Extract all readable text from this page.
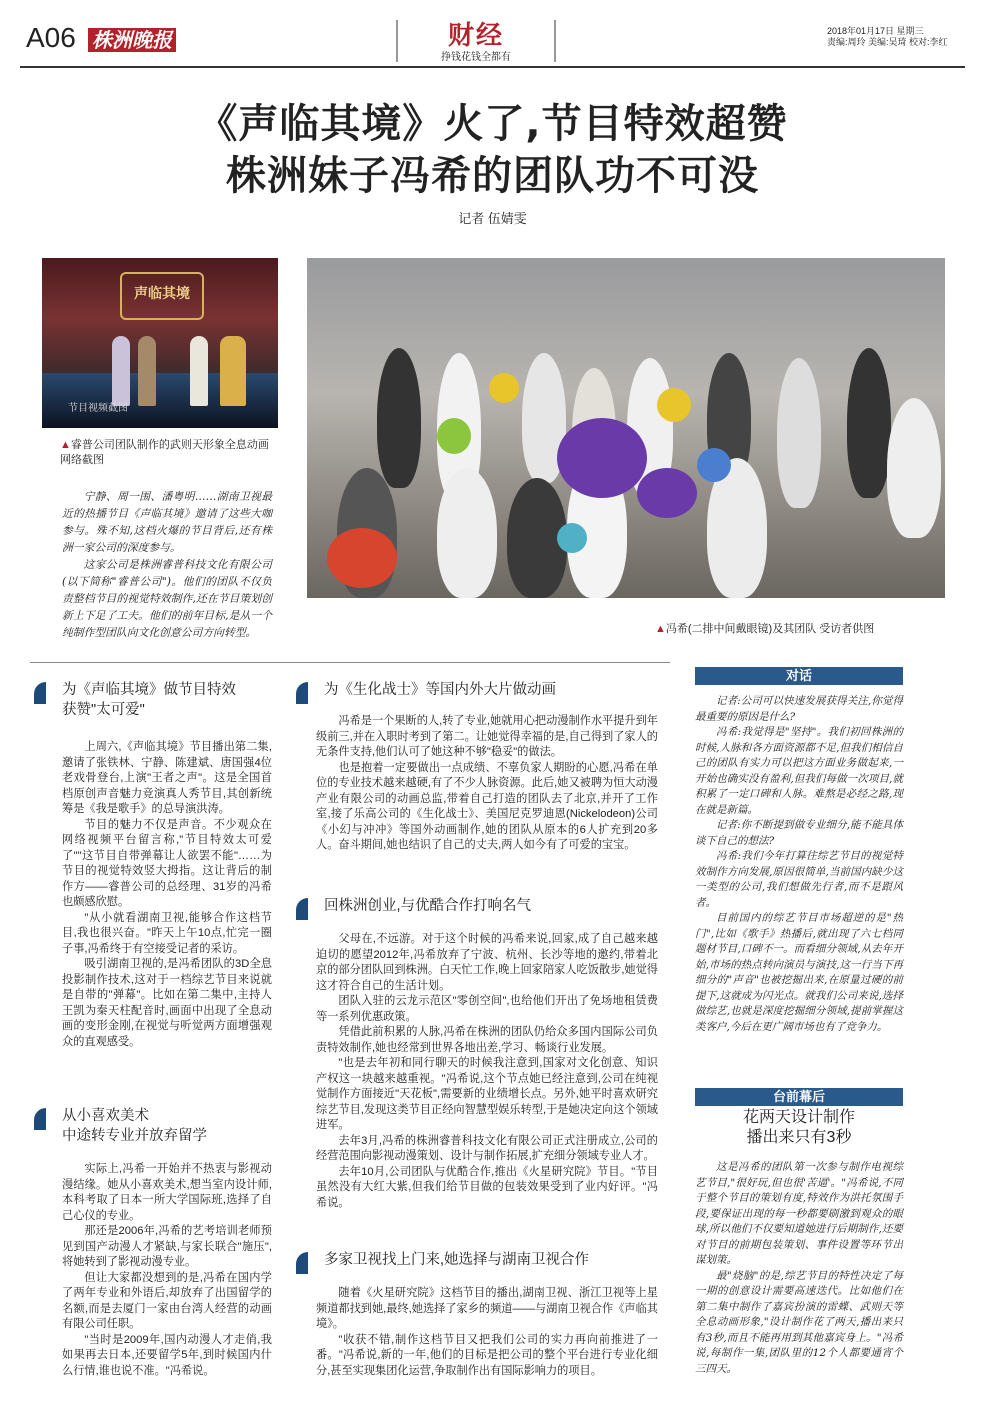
A06 株洲晚报	财经
挣钱花钱全都有
2018年01月17日 星期三
责编:周玲 美编:吴琦 校对:李红
《声临其境》火了,节目特效超赞
株洲妹子冯希的团队功不可没
记者 伍婧雯
声临其境
节目视频截图
▲睿普公司团队制作的武则天形象全息动画 网络截图
▲冯希(二排中间戴眼镜)及其团队 受访者供图

宁静、周一围、潘粤明……湖南卫视最近的热播节目《声临其境》邀请了这些大咖参与。殊不知,这档火爆的节目背后,还有株洲一家公司的深度参与。

这家公司是株洲睿普科技文化有限公司(以下简称"睿普公司")。他们的团队不仅负责整档节目的视觉特效制作,还在节目策划创新上下足了工夫。他们的前年目标,是从一个纯制作型团队向文化创意公司方向转型。

为《声临其境》做节目特效
获赞"太可爱"

上周六,《声临其境》节目播出第二集,邀请了张铁林、宁静、陈建斌、唐国强4位老戏骨登台,上演"王者之声"。这是全国首档原创声音魅力竞演真人秀节目,其创新统筹是《我是歌手》的总导演洪涛。

节目的魅力不仅是声音。不少观众在网络视频平台留言称,"节目特效太可爱了""这节目自带弹幕让人欲罢不能"……为节目的视觉特效竖大拇指。这让背后的制作方——睿普公司的总经理、31岁的冯希也颇感欣慰。

"从小就看湖南卫视,能够合作这档节目,我也很兴奋。"昨天上午10点,忙完一圈子事,冯希终于有空接受记者的采访。

吸引湖南卫视的,是冯希团队的3D全息投影制作技术,这对于一档综艺节目来说就是自带的"弹幕"。比如在第二集中,主持人王凯为秦天柱配音时,画面中出现了全息动画的变形金刚,在视觉与听觉两方面增强观众的直观感受。

从小喜欢美术
中途转专业并放弃留学

实际上,冯希一开始并不热衷与影视动漫结缘。她从小喜欢美术,想当室内设计师,本科考取了日本一所大学国际班,选择了自己心仪的专业。

那还是2006年,冯希的艺考培训老师预见到国产动漫人才紧缺,与家长联合"施压",将她转到了影视动漫专业。

但让大家都没想到的是,冯希在国内学了两年专业和外语后,却放弃了出国留学的名额,而是去厦门一家由台湾人经营的动画有限公司任职。

"当时是2009年,国内动漫人才走俏,我如果再去日本,还要留学5年,到时候国内什么行情,谁也说不准。"冯希说。

为《生化战士》等国内外大片做动画

冯希是一个果断的人,转了专业,她就用心把动漫制作水平提升到年级前三,并在入职时考到了第二。让她觉得幸福的是,自己得到了家人的无条件支持,他们认可了她这种不够"稳妥"的做法。

也是抱着一定要做出一点成绩、不辜负家人期盼的心愿,冯希在单位的专业技术越来越硬,有了不少人脉资源。此后,她又被聘为恒大动漫产业有限公司的动画总监,带着自己打造的团队去了北京,并开了工作室,接了乐高公司的《生化战士》、美国尼克罗迪恩(Nickelodeon)公司《小幻与冲冲》等国外动画制作,她的团队从原本的6人扩充到20多人。奋斗期间,她也结识了自己的丈夫,两人如今有了可爱的宝宝。

回株洲创业,与优酷合作打响名气

父母在,不远游。对于这个时候的冯希来说,回家,成了自己越来越迫切的愿望2012年,冯希放弃了宁波、杭州、长沙等地的邀约,带着北京的部分团队回到株洲。白天忙工作,晚上回家陪家人吃饭散步,她觉得这才符合自己的生活计划。

团队入驻的云龙示范区"零创空间",也给他们开出了免场地租赁费等一系列优惠政策。

凭借此前积累的人脉,冯希在株洲的团队仍给众多国内国际公司负责特效制作,她也经常到世界各地出差,学习、畅谈行业发展。

"也是去年初和同行聊天的时候我注意到,国家对文化创意、知识产权这一块越来越重视。"冯希说,这个节点她已经注意到,公司在纯视觉制作方面接近"天花板",需要新的业绩增长点。另外,她平时喜欢研究综艺节目,发现这类节目正经向智慧型娱乐转型,于是她决定向这个领域进军。

去年3月,冯希的株洲睿普科技文化有限公司正式注册成立,公司的经营范围向影视动漫策划、设计与制作拓展,扩充细分领域专业人才。

去年10月,公司团队与优酷合作,推出《火星研究院》节目。"节目虽然没有大红大紫,但我们给节目做的包装效果受到了业内好评。"冯希说。

多家卫视找上门来,她选择与湖南卫视合作

随着《火星研究院》这档节目的播出,湖南卫视、浙江卫视等上星频道都找到她,最终,她选择了家乡的频道——与湖南卫视合作《声临其境》。

"收获不错,制作这档节目又把我们公司的实力再向前推进了一番。"冯希说,新的一年,他们的目标是把公司的整个平台进行专业化细分,甚至实现集团化运营,争取制作出有国际影响力的项目。

对话

记者:公司可以快速发展获得关注,你觉得最重要的原因是什么?

冯希:我觉得是"坚持"。我们初回株洲的时候,人脉和各方面资源都不足,但我们相信自己的团队有实力可以把这方面业务做起来,一开始也确实没有盈利,但我们每做一次项目,就积累了一定口碑和人脉。难熬是必经之路,现在就是新篇。

记者:你不断提到做专业细分,能不能具体谈下自己的想法?

冯希:我们今年打算往综艺节目的视觉特效制作方向发展,原因很简单,当前国内缺少这一类型的公司,我们想做先行者,而不是跟风者。

目前国内的综艺节目市场超逆的是"热门",比如《歌手》热播后,就出现了六七档同题材节目,口碑不一。而看细分领域,从去年开始,市场的热点转向演员与演技,这一行当下再细分的"声音"也被挖掘出来,在原量过硬的前提下,这就成为闪光点。就我们公司来说,选择做综艺,也就是深度挖掘细分领域,提前掌握这类客户,今后在更广阔市场也有了竞争力。

台前幕后
花两天设计制作
播出来只有3秒

这是冯希的团队第一次参与制作电视综艺节目,"很好玩,但也很'苦逼'。"冯希说,不同于整个节目的策划有度,特效作为洪托氛围手段,要保证出现的每一秒都要刷激到观众的眼球,所以他们不仅要知道她进行后期制作,还要对节目的前期包装策划、事件设置等环节出谋划策。

最"烧脑"的是,综艺节目的特性决定了每一期的创意设计需要高速迭代。比如他们在第二集中制作了嘉宾扮演的雷蝶、武则天等全息动画形象,"设计制作花了两天,播出来只有3秒,而且不能再用到其他嘉宾身上。"冯希说,每制作一集,团队里的12个人都要通宵个三四天。
